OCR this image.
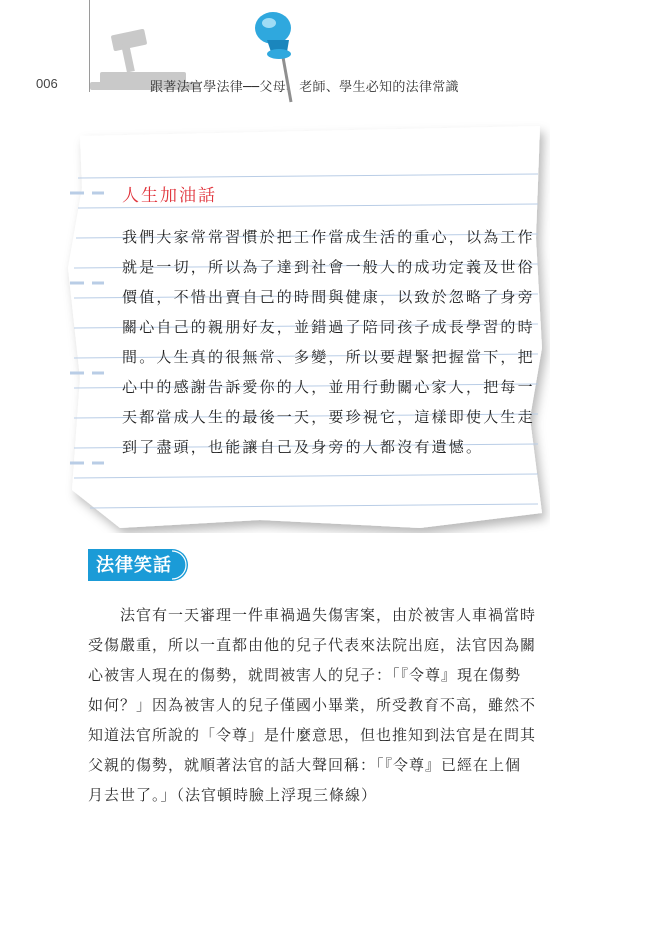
006	跟著法官學法律──父母、老師、學生必知的法律常識
人生加油話
我們大家常常習慣於把工作當成生活的重心，以為工作
就是一切，所以為了達到社會一般人的成功定義及世俗
價值，不惜出賣自己的時間與健康，以致於忽略了身旁
關心自己的親朋好友，並錯過了陪同孩子成長學習的時
間。人生真的很無常、多變，所以要趕緊把握當下，把
心中的感謝告訴愛你的人，並用行動關心家人，把每一
天都當成人生的最後一天，要珍視它，這樣即使人生走
到了盡頭，也能讓自己及身旁的人都沒有遺憾。
法律笑話
　　法官有一天審理一件車禍過失傷害案，由於被害人車禍當時
受傷嚴重，所以一直都由他的兒子代表來法院出庭，法官因為關
心被害人現在的傷勢，就問被害人的兒子：「『令尊』現在傷勢
如何？」因為被害人的兒子僅國小畢業，所受教育不高，雖然不
知道法官所說的「令尊」是什麼意思，但也推知到法官是在問其
父親的傷勢，就順著法官的話大聲回稱：「『令尊』已經在上個
月去世了。」（法官頓時臉上浮現三條線）
